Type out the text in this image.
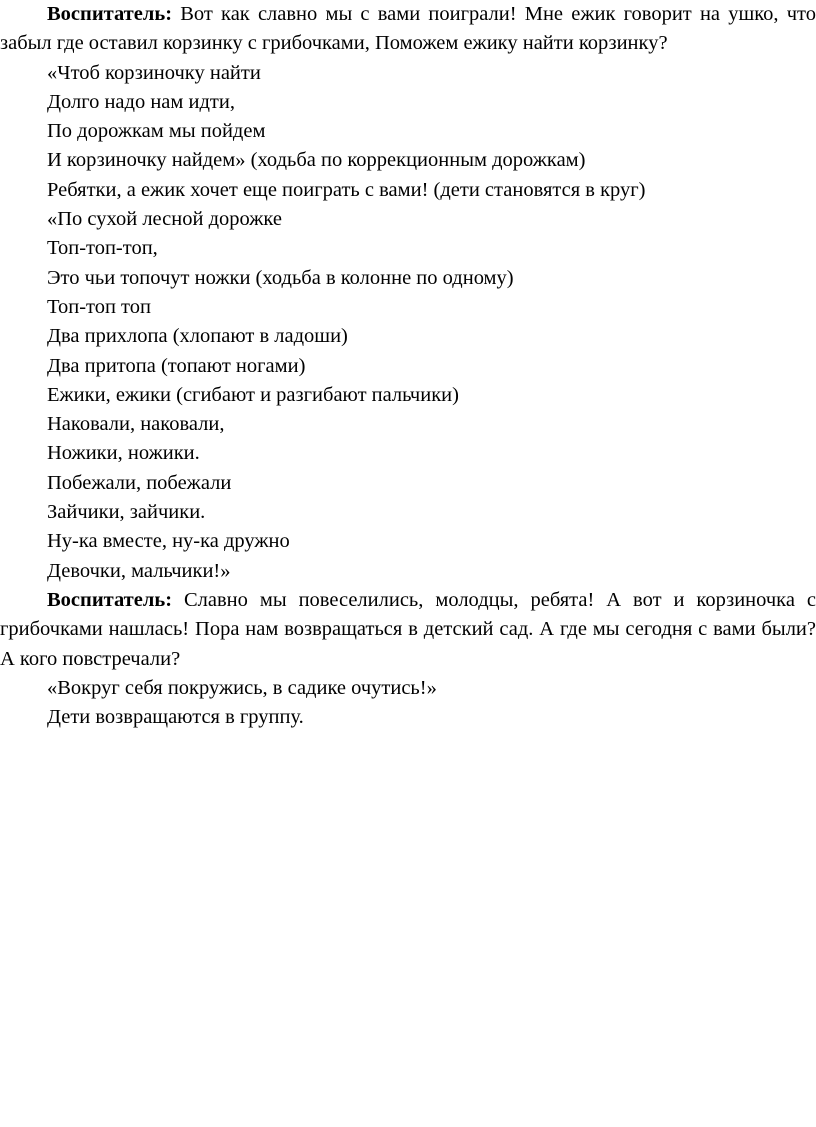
Воспитатель: Вот как славно мы с вами поиграли! Мне ежик говорит на ушко, что забыл где оставил корзинку с грибочками, Поможем ежику найти корзинку?

«Чтоб корзиночку найти

Долго надо нам идти,

По дорожкам мы пойдем

И корзиночку найдем» (ходьба по коррекционным дорожкам)

Ребятки, а ежик хочет еще поиграть с вами! (дети становятся в круг)

«По сухой лесной дорожке

Топ-топ-топ,

Это чьи топочут ножки (ходьба в колонне по одному)

Топ-топ топ

Два прихлопа (хлопают в ладоши)

Два притопа (топают ногами)

Ежики, ежики (сгибают и разгибают пальчики)

Наковали, наковали,

Ножики, ножики.

Побежали, побежали

Зайчики, зайчики.

Ну-ка вместе, ну-ка дружно

Девочки, мальчики!»

Воспитатель: Славно мы повеселились, молодцы, ребята! А вот и корзиночка с грибочками нашлась! Пора нам возвращаться в детский сад. А где мы сегодня с вами были? А кого повстречали?

«Вокруг себя покружись, в садике очутись!»

Дети возвращаются в группу.
